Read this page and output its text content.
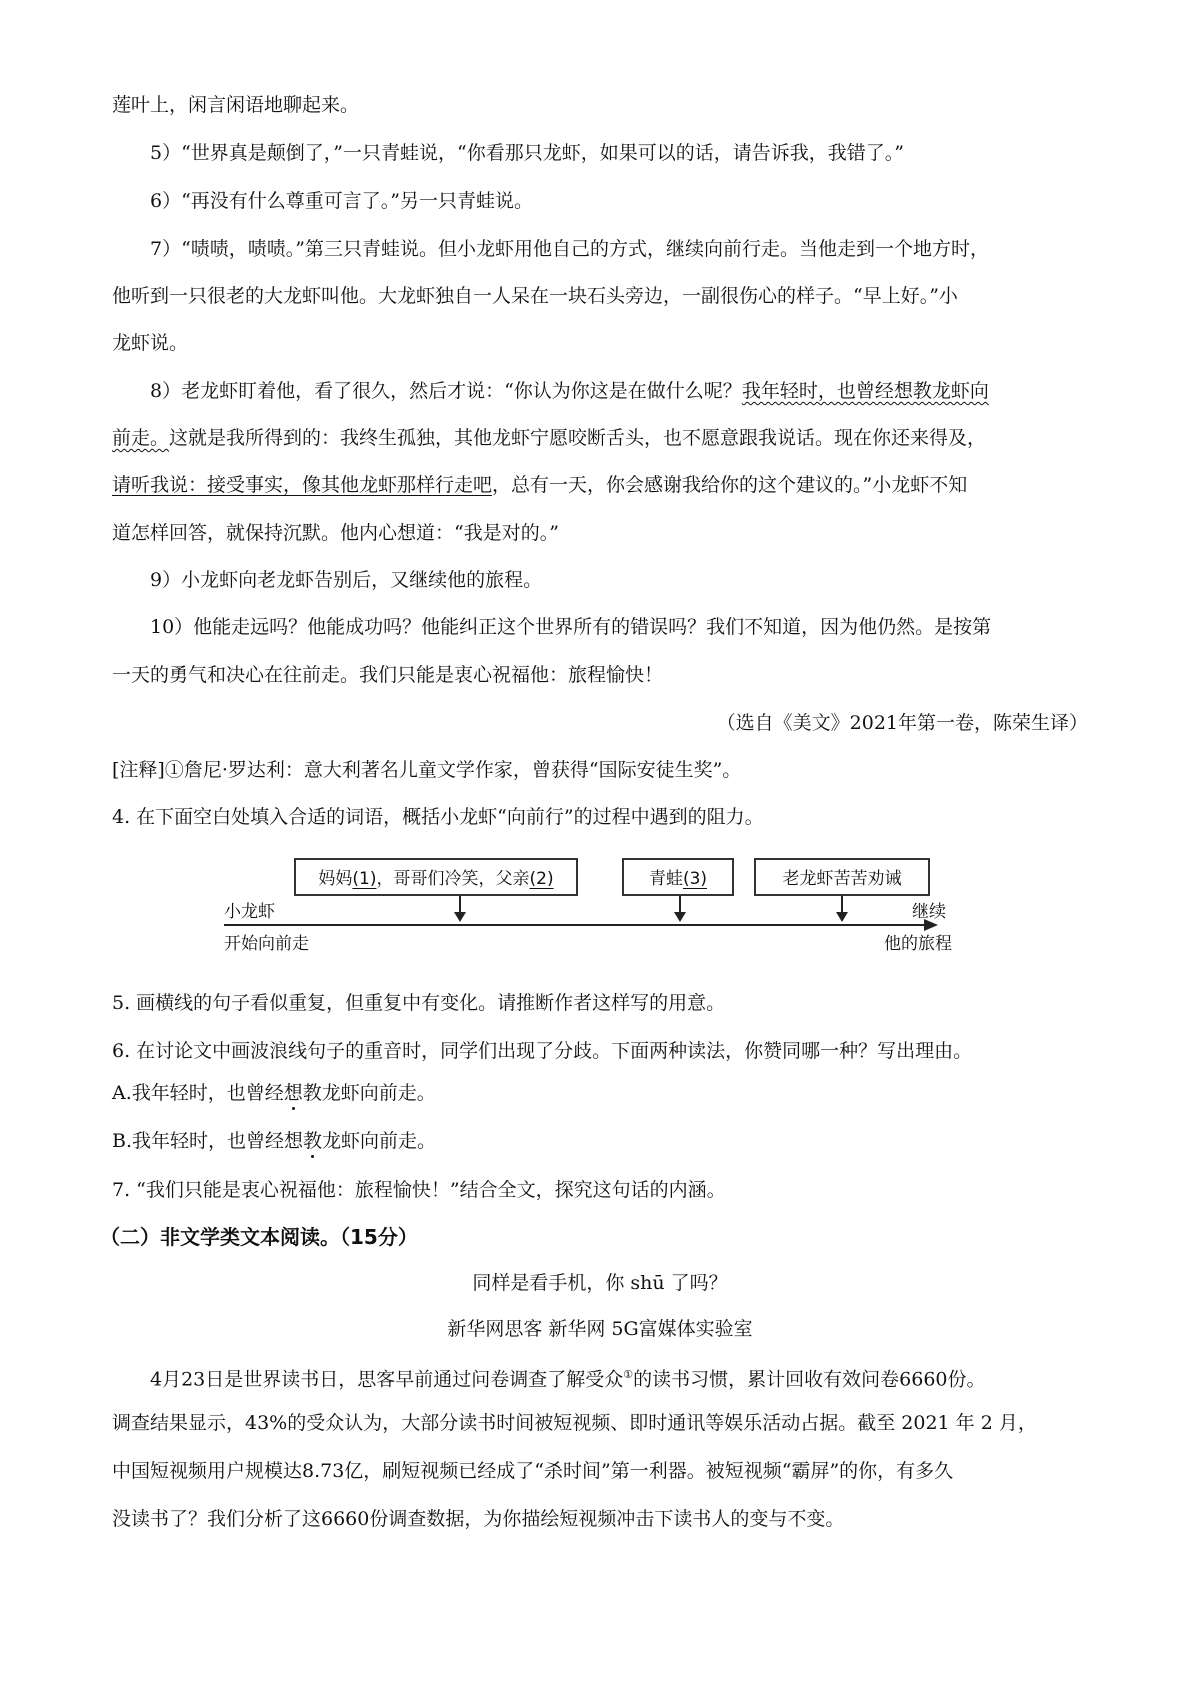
莲叶上，闲言闲语地聊起来。
5）“世界真是颠倒了，”一只青蛙说，“你看那只龙虾，如果可以的话，请告诉我，我错了。”
6）“再没有什么尊重可言了。”另一只青蛙说。
7）“啧啧，啧啧。”第三只青蛙说。但小龙虾用他自己的方式，继续向前行走。当他走到一个地方时，
他听到一只很老的大龙虾叫他。大龙虾独自一人呆在一块石头旁边，一副很伤心的样子。“早上好。”小
龙虾说。
8）老龙虾盯着他，看了很久，然后才说：“你认为你这是在做什么呢？我年轻时，也曾经想教龙虾向
前走。这就是我所得到的：我终生孤独，其他龙虾宁愿咬断舌头，也不愿意跟我说话。现在你还来得及，
请听我说：接受事实，像其他龙虾那样行走吧，总有一天，你会感谢我给你的这个建议的。”小龙虾不知
道怎样回答，就保持沉默。他内心想道：“我是对的。”
9）小龙虾向老龙虾告别后，又继续他的旅程。
10）他能走远吗？他能成功吗？他能纠正这个世界所有的错误吗？我们不知道，因为他仍然。是按第
一天的勇气和决心在往前走。我们只能是衷心祝福他：旅程愉快！
（选自《美文》2021年第一卷，陈荣生译）
[注释]①詹尼·罗达利：意大利著名儿童文学作家，曾获得“国际安徒生奖”。
4. 在下面空白处填入合适的词语，概括小龙虾“向前行”的过程中遇到的阻力。
妈妈(1)，哥哥们冷笑，父亲(2)	青蛙(3)	老龙虾苦苦劝诫
小龙虾
开始向前走
继续
他的旅程
5. 画横线的句子看似重复，但重复中有变化。请推断作者这样写的用意。
6. 在讨论文中画波浪线句子的重音时，同学们出现了分歧。下面两种读法，你赞同哪一种？写出理由。
A.我年轻时，也曾经想教龙虾向前走。
B.我年轻时，也曾经想教龙虾向前走。
7. “我们只能是衷心祝福他：旅程愉快！”结合全文，探究这句话的内涵。
（二）非文学类文本阅读。（15分）
同样是看手机，你 shū 了吗？
新华网思客 新华网 5G富媒体实验室
4月23日是世界读书日，思客早前通过问卷调查了解受众①的读书习惯，累计回收有效问卷6660份。
调查结果显示，43%的受众认为，大部分读书时间被短视频、即时通讯等娱乐活动占据。截至 2021 年 2 月，
中国短视频用户规模达8.73亿，刷短视频已经成了“杀时间”第一利器。被短视频“霸屏”的你，有多久
没读书了？我们分析了这6660份调查数据，为你描绘短视频冲击下读书人的变与不变。
